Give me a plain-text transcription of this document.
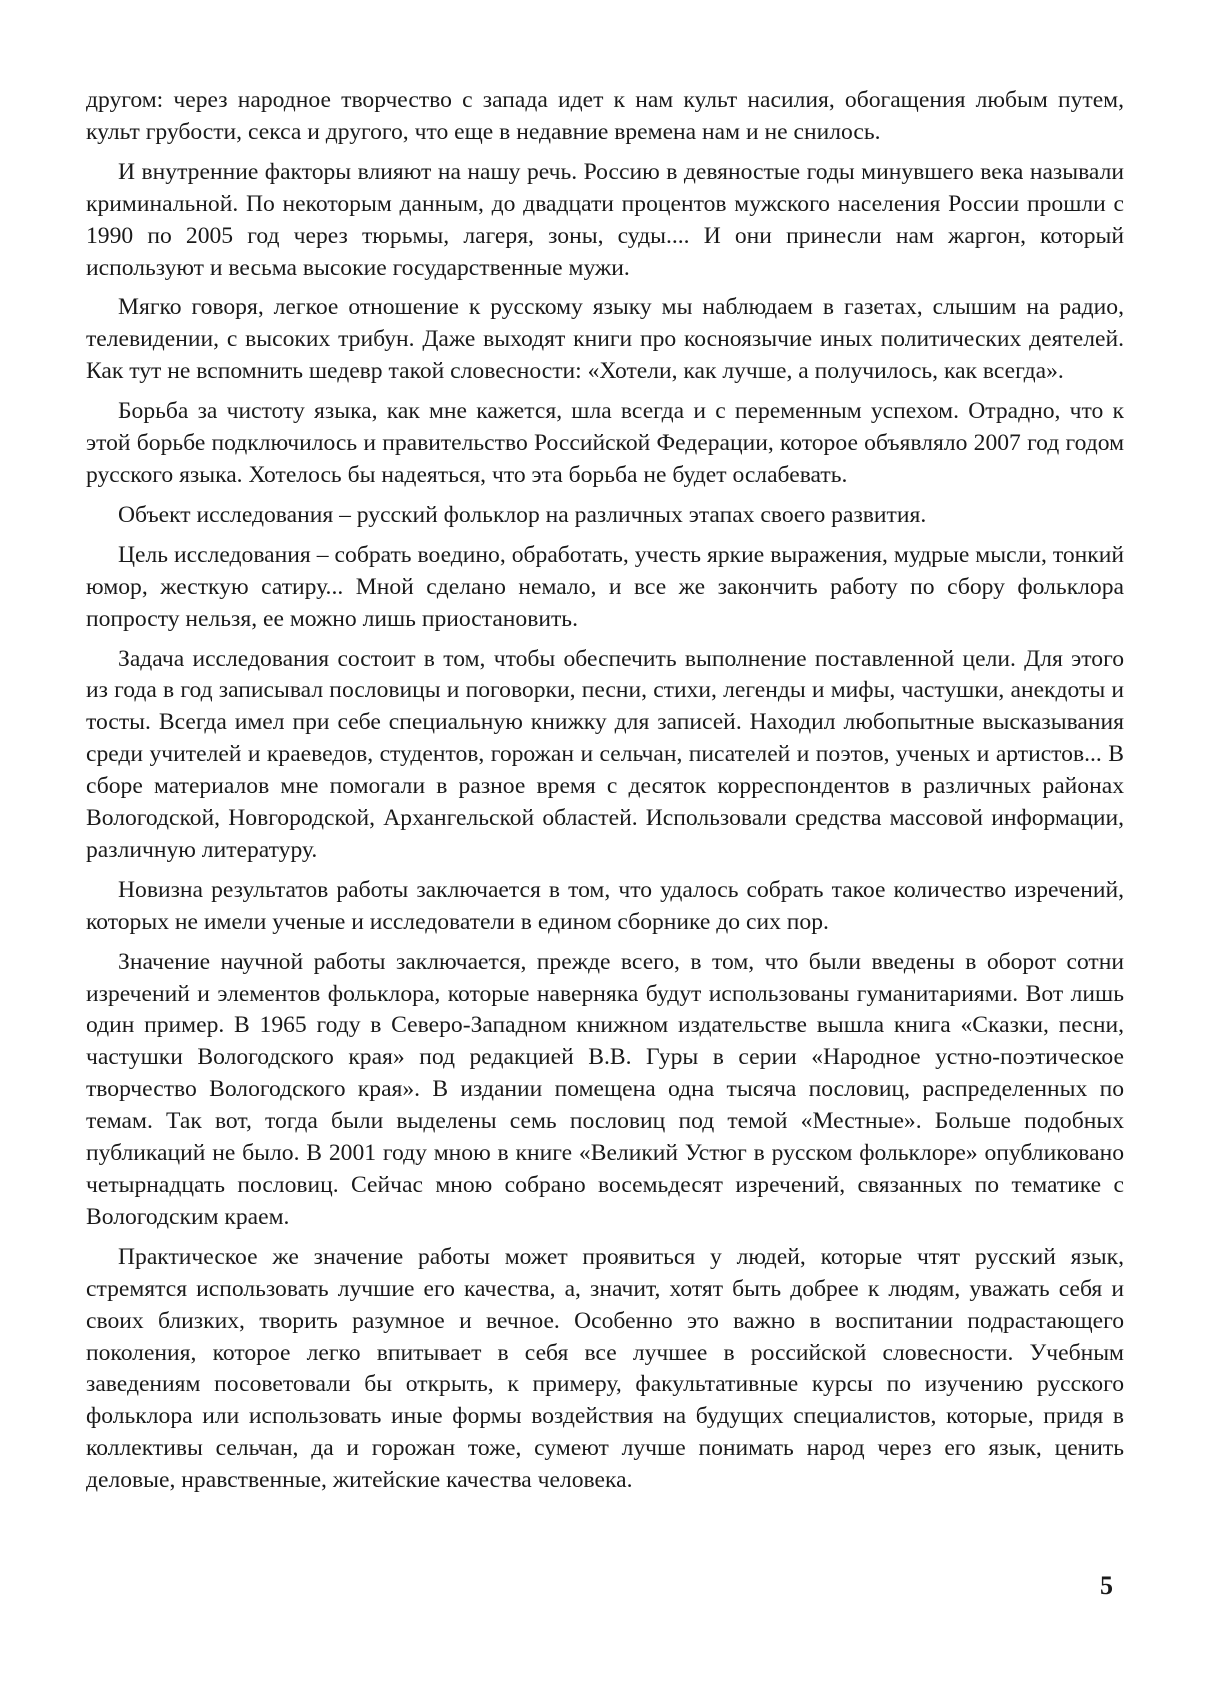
другом: через народное творчество с запада идет к нам культ насилия, обогащения любым путем, культ грубости, секса и другого, что еще в недавние времена нам и не снилось.

И внутренние факторы влияют на нашу речь. Россию в девяностые годы минувшего века называли криминальной. По некоторым данным, до двадцати процентов мужского населения России прошли с 1990 по 2005 год через тюрьмы, лагеря, зоны, суды.... И они принесли нам жаргон, который используют и весьма высокие государственные мужи.

Мягко говоря, легкое отношение к русскому языку мы наблюдаем в газетах, слышим на радио, телевидении, с высоких трибун. Даже выходят книги про косноязычие иных политических деятелей. Как тут не вспомнить шедевр такой словесности: «Хотели, как лучше, а получилось, как всегда».

Борьба за чистоту языка, как мне кажется, шла всегда и с переменным успехом. Отрадно, что к этой борьбе подключилось и правительство Российской Федерации, которое объявляло 2007 год годом русского языка. Хотелось бы надеяться, что эта борьба не будет ослабевать.

Объект исследования – русский фольклор на различных этапах своего развития.

Цель исследования – собрать воедино, обработать, учесть яркие выражения, мудрые мысли, тонкий юмор, жесткую сатиру... Мной сделано немало, и все же закончить работу по сбору фольклора попросту нельзя, ее можно лишь приостановить.

Задача исследования состоит в том, чтобы обеспечить выполнение поставленной цели. Для этого из года в год записывал пословицы и поговорки, песни, стихи, легенды и мифы, частушки, анекдоты и тосты. Всегда имел при себе специальную книжку для записей. Находил любопытные высказывания среди учителей и краеведов, студентов, горожан и сельчан, писателей и поэтов, ученых и артистов... В сборе материалов мне помогали в разное время с десяток корреспондентов в различных районах Вологодской, Новгородской, Архангельской областей. Использовали средства массовой информации, различную литературу.

Новизна результатов работы заключается в том, что удалось собрать такое количество изречений, которых не имели ученые и исследователи в едином сборнике до сих пор.

Значение научной работы заключается, прежде всего, в том, что были введены в оборот сотни изречений и элементов фольклора, которые наверняка будут использованы гуманитариями. Вот лишь один пример. В 1965 году в Северо-Западном книжном издательстве вышла книга «Сказки, песни, частушки Вологодского края» под редакцией В.В. Гуры в серии «Народное устно-поэтическое творчество Вологодского края». В издании помещена одна тысяча пословиц, распределенных по темам. Так вот, тогда были выделены семь пословиц под темой «Местные». Больше подобных публикаций не было. В 2001 году мною в книге «Великий Устюг в русском фольклоре» опубликовано четырнадцать пословиц. Сейчас мною собрано восемьдесят изречений, связанных по тематике с Вологодским краем.

Практическое же значение работы может проявиться у людей, которые чтят русский язык, стремятся использовать лучшие его качества, а, значит, хотят быть добрее к людям, уважать себя и своих близких, творить разумное и вечное. Особенно это важно в воспитании подрастающего поколения, которое легко впитывает в себя все лучшее в российской словесности. Учебным заведениям посоветовали бы открыть, к примеру, факультативные курсы по изучению русского фольклора или использовать иные формы воздействия на будущих специалистов, которые, придя в коллективы сельчан, да и горожан тоже, сумеют лучше понимать народ через его язык, ценить деловые, нравственные, житейские качества человека.

5
